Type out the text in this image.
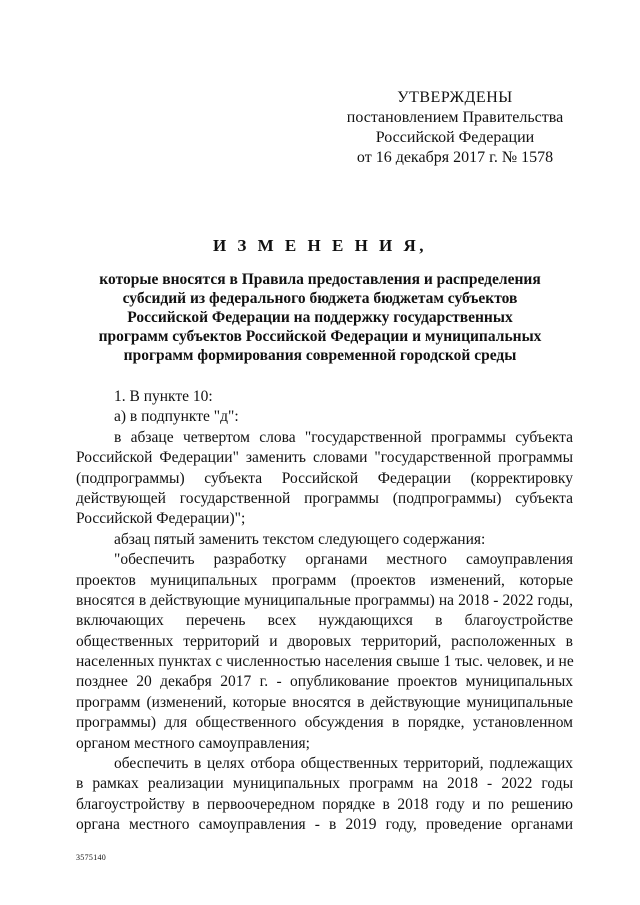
УТВЕРЖДЕНЫ
постановлением Правительства
Российской Федерации
от 16 декабря 2017 г. № 1578
И З М Е Н Е Н И Я,
которые вносятся в Правила предоставления и распределения
субсидий из федерального бюджета бюджетам субъектов
Российской Федерации на поддержку государственных
программ субъектов Российской Федерации и муниципальных
программ формирования современной городской среды
1. В пункте 10:
а) в подпункте "д":
в абзаце четвертом слова "государственной программы субъекта
Российской Федерации" заменить словами "государственной программы
(подпрограммы) субъекта Российской Федерации (корректировку
действующей государственной программы (подпрограммы) субъекта
Российской Федерации)";
абзац пятый заменить текстом следующего содержания:
"обеспечить разработку органами местного самоуправления
проектов муниципальных программ (проектов изменений, которые
вносятся в действующие муниципальные программы) на 2018 - 2022 годы,
включающих перечень всех нуждающихся в благоустройстве
общественных территорий и дворовых территорий, расположенных в
населенных пунктах с численностью населения свыше 1 тыс. человек, и не
позднее 20 декабря 2017 г. - опубликование проектов муниципальных
программ (изменений, которые вносятся в действующие муниципальные
программы) для общественного обсуждения в порядке, установленном
органом местного самоуправления;
обеспечить в целях отбора общественных территорий, подлежащих
в рамках реализации муниципальных программ на 2018 - 2022 годы
благоустройству в первоочередном порядке в 2018 году и по решению
органа местного самоуправления - в 2019 году, проведение органами
3575140
